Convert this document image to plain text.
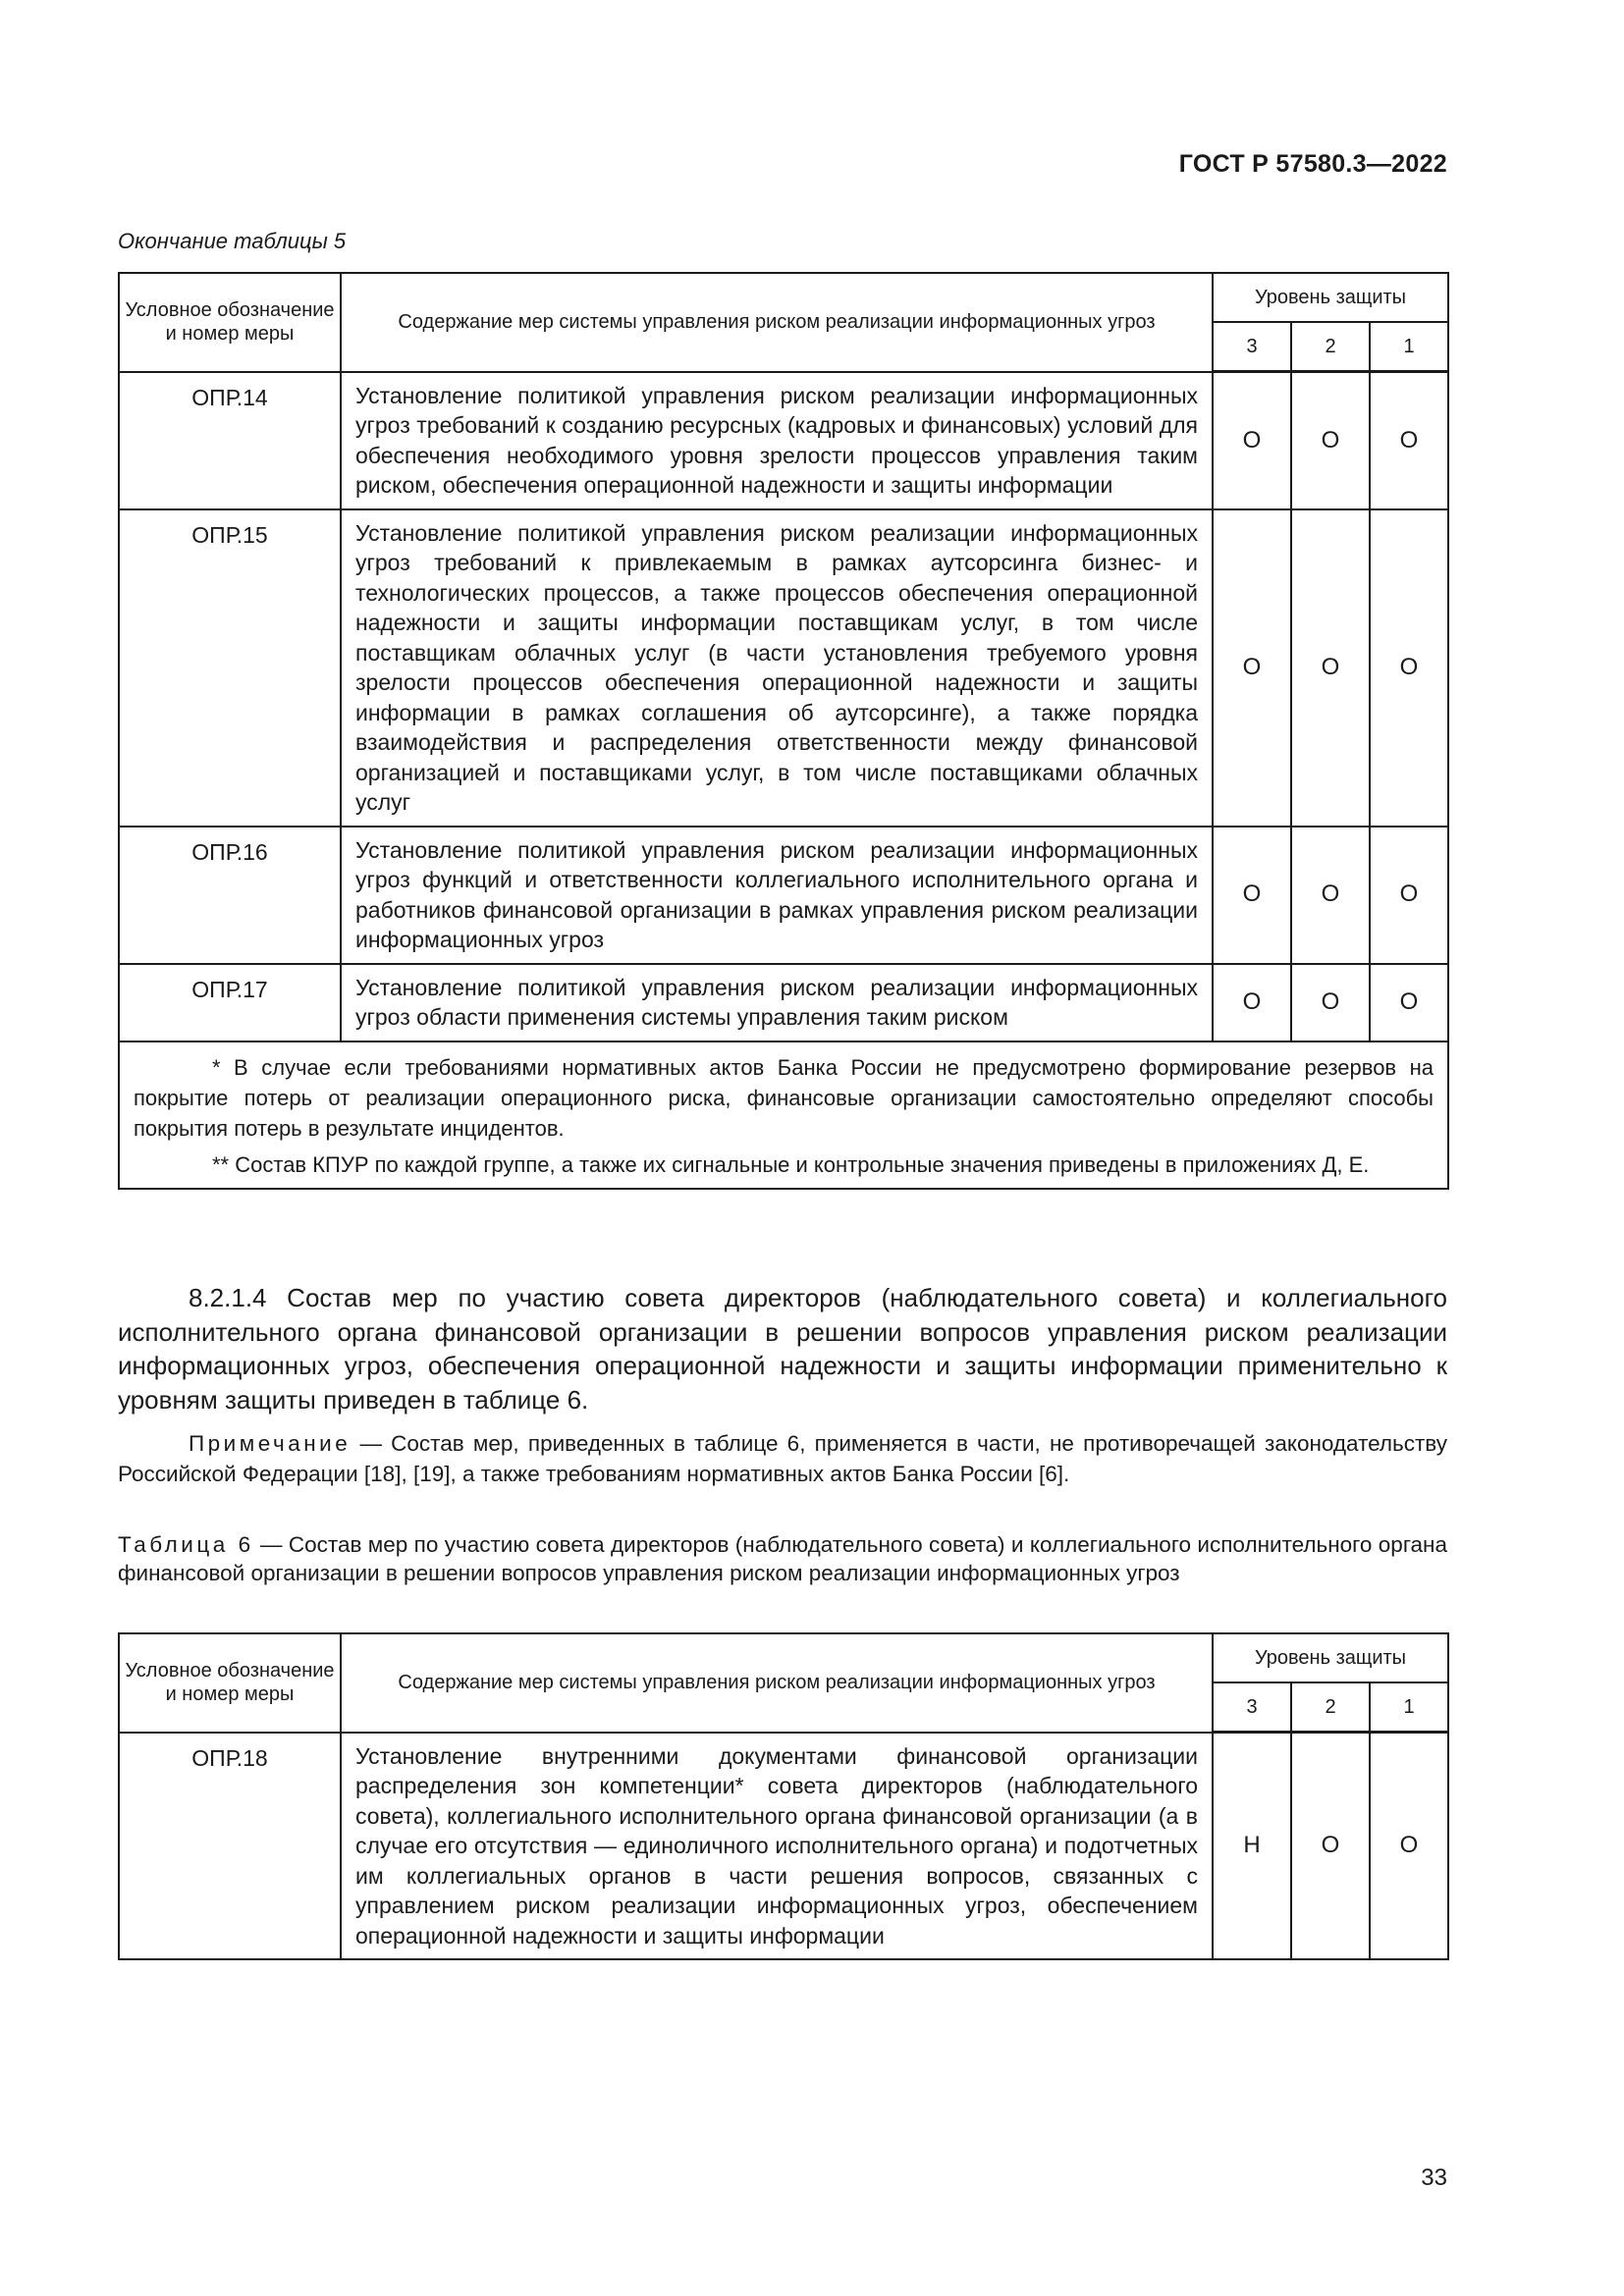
ГОСТ Р 57580.3—2022
Окончание таблицы 5
Условное обозначение и номер меры	Содержание мер системы управления риском реализации информационных угроз	Уровень защиты		
		3	2	1
ОПР.14	Установление политикой управления риском реализации информационных угроз требований к созданию ресурсных (кадровых и финансовых) условий для обеспечения необходимого уровня зрелости процессов управления таким риском, обеспечения операционной надежности и защиты информации	О	О	О
ОПР.15	Установление политикой управления риском реализации информационных угроз требований к привлекаемым в рамках аутсорсинга бизнес- и технологических процессов, а также процессов обеспечения операционной надежности и защиты информации поставщикам услуг, в том числе поставщикам облачных услуг (в части установления требуемого уровня зрелости процессов обеспечения операционной надежности и защиты информации в рамках соглашения об аутсорсинге), а также порядка взаимодействия и распределения ответственности между финансовой организацией и поставщиками услуг, в том числе поставщиками облачных услуг	О	О	О
ОПР.16	Установление политикой управления риском реализации информационных угроз функций и ответственности коллегиального исполнительного органа и работников финансовой организации в рамках управления риском реализации информационных угроз	О	О	О
ОПР.17	Установление политикой управления риском реализации информационных угроз области применения системы управления таким риском	О	О	О

* В случае если требованиями нормативных актов Банка России не предусмотрено формирование резервов на покрытие потерь от реализации операционного риска, финансовые организации самостоятельно определяют способы покрытия потерь в результате инцидентов.

** Состав КПУР по каждой группе, а также их сигнальные и контрольные значения приведены в приложениях Д, Е.				

8.2.1.4 Состав мер по участию совета директоров (наблюдательного совета) и коллегиального исполнительного органа финансовой организации в решении вопросов управления риском реализации информационных угроз, обеспечения операционной надежности и защиты информации применительно к уровням защиты приведен в таблице 6.
Примечание — Состав мер, приведенных в таблице 6, применяется в части, не противоречащей законодательству Российской Федерации [18], [19], а также требованиям нормативных актов Банка России [6].
Таблица 6 — Состав мер по участию совета директоров (наблюдательного совета) и коллегиального исполнительного органа финансовой организации в решении вопросов управления риском реализации информационных угроз
Условное обозначение и номер меры	Содержание мер системы управления риском реализации информационных угроз	Уровень защиты		
		3	2	1
ОПР.18	Установление внутренними документами финансовой организации распределения зон компетенции* совета директоров (наблюдательного совета), коллегиального исполнительного органа финансовой организации (а в случае его отсутствия — единоличного исполнительного органа) и подотчетных им коллегиальных органов в части решения вопросов, связанных с управлением риском реализации информационных угроз, обеспечением операционной надежности и защиты информации	Н	О	О
33
